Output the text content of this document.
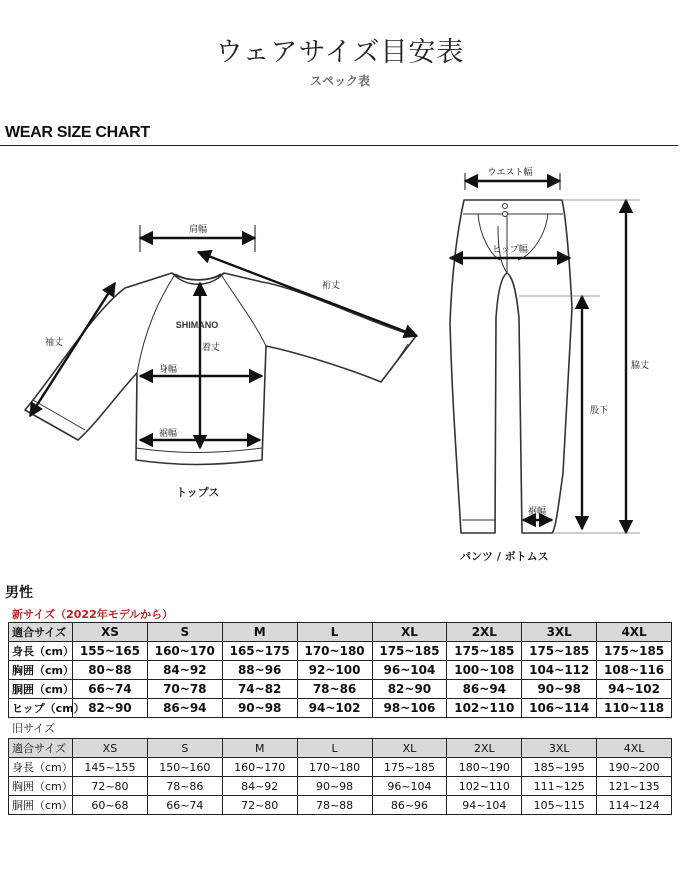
ウェアサイズ目安表
スペック表
WEAR SIZE CHART
SHIMANO
肩幅
裄丈
袖丈	着丈
身幅
裾幅
ウエスト幅
ヒップ幅
脇丈
股下
裾幅
トップス
パンツ / ボトムス
男性
新サイズ（2022年モデルから）
適合サイズ	XS	S	M	L	XL	2XL	3XL	4XL
身長（cm）	155~165	160~170	165~175	170~180	175~185	175~185	175~185	175~185
胸囲（cm）	80~88	84~92	88~96	92~100	96~104	100~108	104~112	108~116
胴囲（cm）	66~74	70~78	74~82	78~86	82~90	86~94	90~98	94~102
ヒップ（cm）	82~90	86~94	90~98	94~102	98~106	102~110	106~114	110~118
旧サイズ
適合サイズ	XS	S	M	L	XL	2XL	3XL	4XL
身長（cm）	145~155	150~160	160~170	170~180	175~185	180~190	185~195	190~200
胸囲（cm）	72~80	78~86	84~92	90~98	96~104	102~110	111~125	121~135
胴囲（cm）	60~68	66~74	72~80	78~88	86~96	94~104	105~115	114~124
